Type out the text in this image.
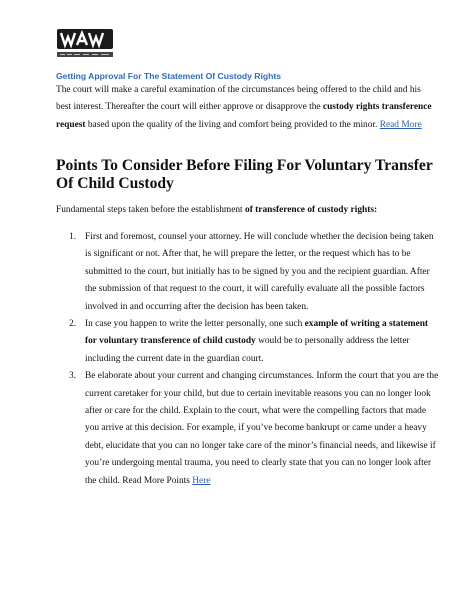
Getting Approval For The Statement Of Custody Rights

The court will make a careful examination of the circumstances being offered to the child and his best interest. Thereafter the court will either approve or disapprove the custody rights transference request based upon the quality of the living and comfort being provided to the minor. Read More

Points To Consider Before Filing For Voluntary Transfer Of Child Custody

Fundamental steps taken before the establishment of transference of custody rights:

1. First and foremost, counsel your attorney. He will conclude whether the decision being taken is significant or not. After that, he will prepare the letter, or the request which has to be submitted to the court, but initially has to be signed by you and the recipient guardian. After the submission of that request to the court, it will carefully evaluate all the possible factors involved in and occurring after the decision has been taken.
2. In case you happen to write the letter personally, one such example of writing a statement for voluntary transference of child custody would be to personally address the letter including the current date in the guardian court.
3. Be elaborate about your current and changing circumstances. Inform the court that you are the current caretaker for your child, but due to certain inevitable reasons you can no longer look after or care for the child. Explain to the court, what were the compelling factors that made you arrive at this decision. For example, if you’ve become bankrupt or came under a heavy debt, elucidate that you can no longer take care of the minor’s financial needs, and likewise if you’re undergoing mental trauma, you need to clearly state that you can no longer look after the child. Read More Points Here
